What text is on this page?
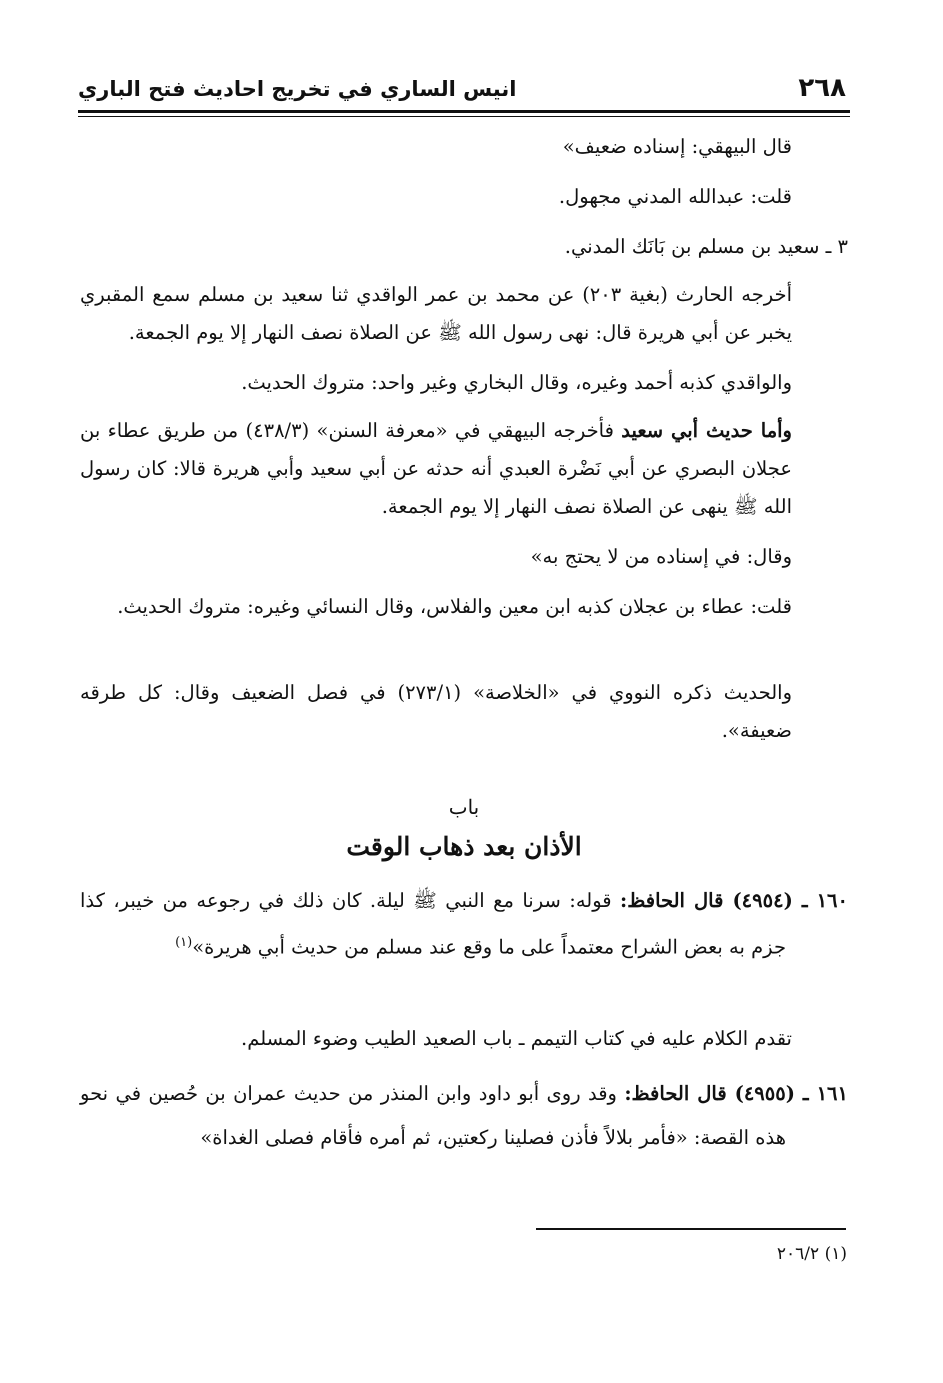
٢٦٨
انيس الساري في تخريج احاديث فتح الباري

قال البيهقي: إسناده ضعيف»

قلت: عبدالله المدني مجهول.

٣ ـ سعيد بن مسلم بن بَانَك المدني.

أخرجه الحارث (بغية ٢٠٣) عن محمد بن عمر الواقدي ثنا سعيد بن مسلم سمع المقبري يخبر عن أبي هريرة قال: نهى رسول الله ﷺ عن الصلاة نصف النهار إلا يوم الجمعة.

والواقدي كذبه أحمد وغيره، وقال البخاري وغير واحد: متروك الحديث.

وأما حديث أبي سعيد فأخرجه البيهقي في «معرفة السنن» (٤٣٨/٣) من طريق عطاء بن عجلان البصري عن أبي نَضْرة العبدي أنه حدثه عن أبي سعيد وأبي هريرة قالا: كان رسول الله ﷺ ينهى عن الصلاة نصف النهار إلا يوم الجمعة.

وقال: في إسناده من لا يحتج به»

قلت: عطاء بن عجلان كذبه ابن معين والفلاس، وقال النسائي وغيره: متروك الحديث.

والحديث ذكره النووي في «الخلاصة» (٢٧٣/١) في فصل الضعيف وقال: كل طرقه ضعيفة».

باب

الأذان بعد ذهاب الوقت

١٦٠ ـ (٤٩٥٤) قال الحافظ: قوله: سرنا مع النبي ﷺ ليلة. كان ذلك في رجوعه من خيبر، كذا جزم به بعض الشراح معتمداً على ما وقع عند مسلم من حديث أبي هريرة»$^{(١)}$

تقدم الكلام عليه في كتاب التيمم ـ باب الصعيد الطيب وضوء المسلم.

١٦١ ـ (٤٩٥٥) قال الحافظ: وقد روى أبو داود وابن المنذر من حديث عمران بن حُصين في نحو هذه القصة: «فأمر بلالاً فأذن فصلينا ركعتين، ثم أمره فأقام فصلى الغداة»

(١) ٢٠٦/٢
